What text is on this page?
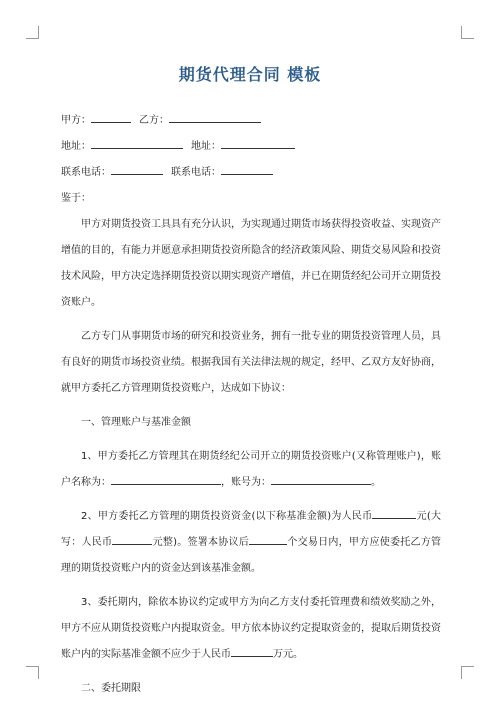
期货代理合同 模板

甲方：	乙方：

地址：	地址：

联系电话：	联系电话：

鉴于：

甲方对期货投资工具具有充分认识，为实现通过期货市场获得投资收益、实现资产增值的目的，有能力并愿意承担期货投资所隐含的经济政策风险、期货交易风险和投资技术风险，甲方决定选择期货投资以期实现资产增值，并已在期货经纪公司开立期货投资账户。

乙方专门从事期货市场的研究和投资业务，拥有一批专业的期货投资管理人员，具有良好的期货市场投资业绩。根据我国有关法律法规的规定，经甲、乙双方友好协商，就甲方委托乙方管理期货投资账户，达成如下协议：

一、管理账户与基准金额

1、甲方委托乙方管理其在期货经纪公司开立的期货投资账户(又称管理账户)，账户名称为：	，账号为：	。

2、甲方委托乙方管理的期货投资资金(以下称基准金额)为人民币	元(大写：人民币	元整)。签署本协议后	个交易日内，甲方应使委托乙方管理的期货投资账户内的资金达到该基准金额。

3、委托期内，除依本协议约定或甲方为向乙方支付委托管理费和绩效奖励之外，甲方不应从期货投资账户内提取资金。甲方依本协议约定提取资金的，提取后期货投资账户内的实际基准金额不应少于人民币	万元。

二、委托期限
